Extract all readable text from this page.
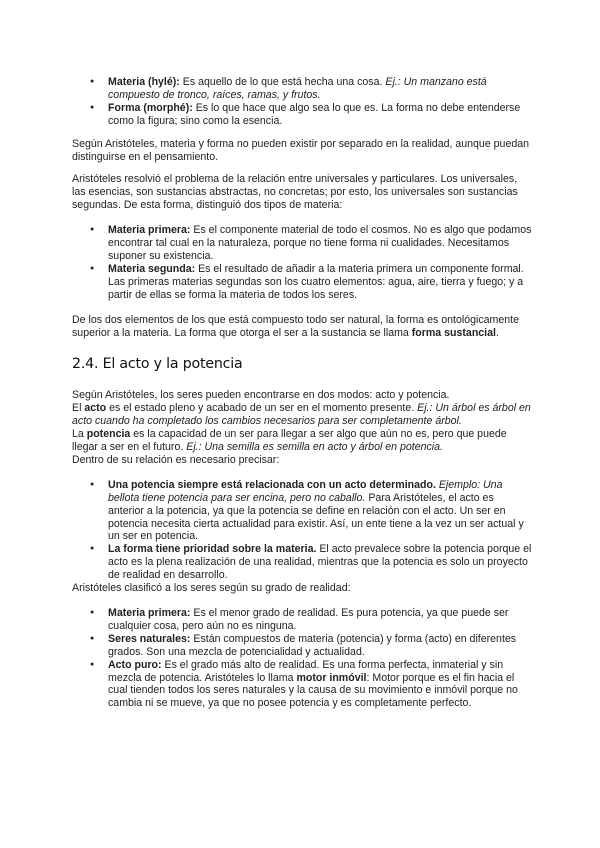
● Materia (hylé): Es aquello de lo que está hecha una cosa. Ej.: Un manzano está compuesto de tronco, raíces, ramas, y frutos.
● Forma (morphé): Es lo que hace que algo sea lo que es. La forma no debe entenderse como la figura; sino como la esencia.

Según Aristóteles, materia y forma no pueden existir por separado en la realidad, aunque puedan distinguirse en el pensamiento.

Aristóteles resolvió el problema de la relación entre universales y particulares. Los universales, las esencias, son sustancias abstractas, no concretas; por esto, los universales son sustancias segundas. De esta forma, distinguió dos tipos de materia:

● Materia primera: Es el componente material de todo el cosmos. No es algo que podamos encontrar tal cual en la naturaleza, porque no tiene forma ni cualidades. Necesitamos suponer su existencia.
● Materia segunda: Es el resultado de añadir a la materia primera un componente formal. Las primeras materias segundas son los cuatro elementos: agua, aire, tierra y fuego; y a partir de ellas se forma la materia de todos los seres.

De los dos elementos de los que está compuesto todo ser natural, la forma es ontológicamente superior a la materia. La forma que otorga el ser a la sustancia se llama forma sustancial.

2.4. El acto y la potencia

Según Aristóteles, los seres pueden encontrarse en dos modos: acto y potencia.
El acto es el estado pleno y acabado de un ser en el momento presente. Ej.: Un árbol es árbol en acto cuando ha completado los cambios necesarios para ser completamente árbol.
La potencia es la capacidad de un ser para llegar a ser algo que aún no es, pero que puede llegar a ser en el futuro. Ej.: Una semilla es semilla en acto y árbol en potencia.
Dentro de su relación es necesario precisar:

● Una potencia siempre está relacionada con un acto determinado. Ejemplo: Una bellota tiene potencia para ser encina, pero no caballo. Para Aristóteles, el acto es anterior a la potencia, ya que la potencia se define en relación con el acto. Un ser en potencia necesita cierta actualidad para existir. Así, un ente tiene a la vez un ser actual y un ser en potencia.
● La forma tiene prioridad sobre la materia. El acto prevalece sobre la potencia porque el acto es la plena realización de una realidad, mientras que la potencia es solo un proyecto de realidad en desarrollo.

Aristóteles clasificó a los seres según su grado de realidad:

● Materia primera: Es el menor grado de realidad. Es pura potencia, ya que puede ser cualquier cosa, pero aún no es ninguna.
● Seres naturales: Están compuestos de materia (potencia) y forma (acto) en diferentes grados. Son una mezcla de potencialidad y actualidad.
● Acto puro: Es el grado más alto de realidad. Es una forma perfecta, inmaterial y sin mezcla de potencia. Aristóteles lo llama motor inmóvil: Motor porque es el fin hacia el cual tienden todos los seres naturales y la causa de su movimiento e inmóvil porque no cambia ni se mueve, ya que no posee potencia y es completamente perfecto.
